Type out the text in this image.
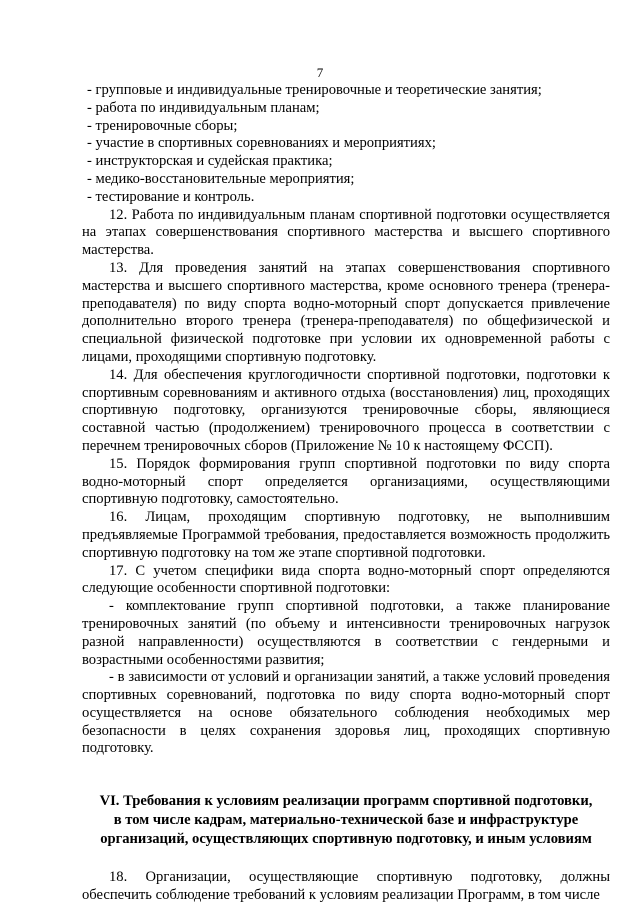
7
- групповые и индивидуальные тренировочные и теоретические занятия;
- работа по индивидуальным планам;
- тренировочные сборы;
- участие в спортивных соревнованиях и мероприятиях;
- инструкторская и судейская практика;
- медико-восстановительные мероприятия;
- тестирование и контроль.

12. Работа по индивидуальным планам спортивной подготовки осуществляется на этапах совершенствования спортивного мастерства и высшего спортивного мастерства.

13. Для проведения занятий на этапах совершенствования спортивного мастерства и высшего спортивного мастерства, кроме основного тренера (тренера-преподавателя) по виду спорта водно-моторный спорт допускается привлечение дополнительно второго тренера (тренера-преподавателя) по общефизической и специальной физической подготовке при условии их одновременной работы с лицами, проходящими спортивную подготовку.

14. Для обеспечения круглогодичности спортивной подготовки, подготовки к спортивным соревнованиям и активного отдыха (восстановления) лиц, проходящих спортивную подготовку, организуются тренировочные сборы, являющиеся составной частью (продолжением) тренировочного процесса в соответствии с перечнем тренировочных сборов (Приложение № 10 к настоящему ФССП).

15. Порядок формирования групп спортивной подготовки по виду спорта водно-моторный спорт определяется организациями, осуществляющими спортивную подготовку, самостоятельно.

16. Лицам, проходящим спортивную подготовку, не выполнившим предъявляемые Программой требования, предоставляется возможность продолжить спортивную подготовку на том же этапе спортивной подготовки.

17. С учетом специфики вида спорта водно-моторный спорт определяются следующие особенности спортивной подготовки:

- комплектование групп спортивной подготовки, а также планирование тренировочных занятий (по объему и интенсивности тренировочных нагрузок разной направленности) осуществляются в соответствии с гендерными и возрастными особенностями развития;

- в зависимости от условий и организации занятий, а также условий проведения спортивных соревнований, подготовка по виду спорта водно-моторный спорт осуществляется на основе обязательного соблюдения необходимых мер безопасности в целях сохранения здоровья лиц, проходящих спортивную подготовку.

VI. Требования к условиям реализации программ спортивной подготовки,
в том числе кадрам, материально-технической базе и инфраструктуре
организаций, осуществляющих спортивную подготовку, и иным условиям

18. Организации, осуществляющие спортивную подготовку, должны обеспечить соблюдение требований к условиям реализации Программ, в том числе
